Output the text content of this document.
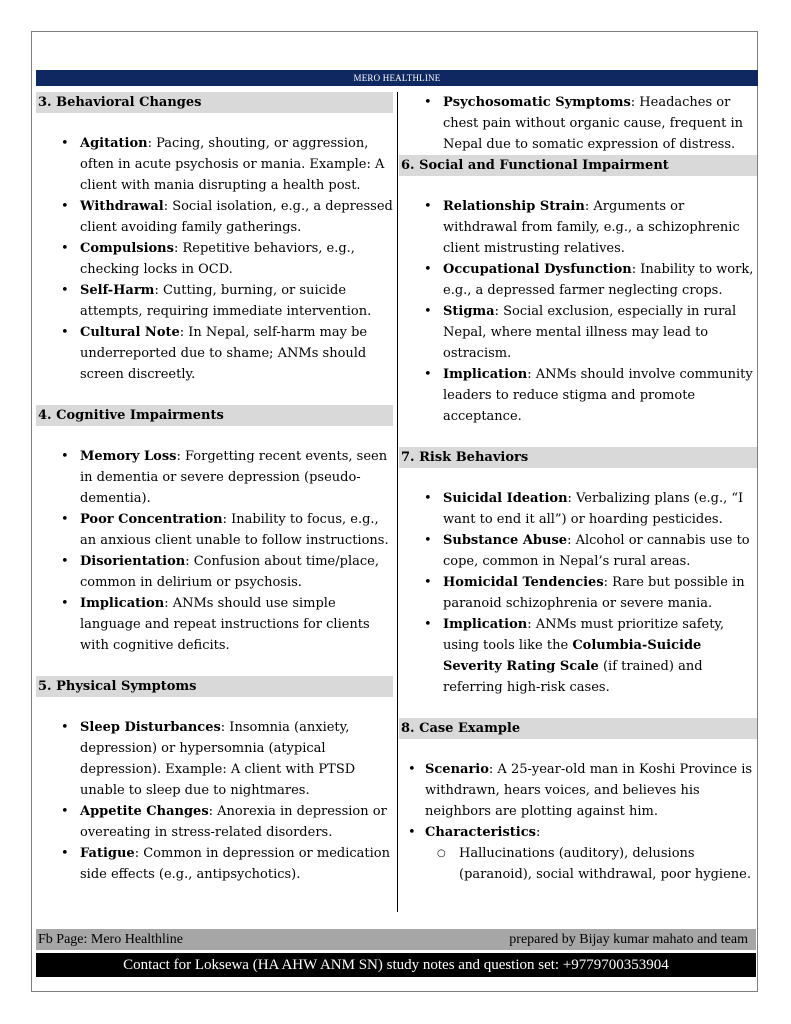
MERO HEALTHLINE
3. Behavioral Changes
• Agitation: Pacing, shouting, or aggression, often in acute psychosis or mania. Example: A client with mania disrupting a health post.
• Withdrawal: Social isolation, e.g., a depressed client avoiding family gatherings.
• Compulsions: Repetitive behaviors, e.g., checking locks in OCD.
• Self-Harm: Cutting, burning, or suicide attempts, requiring immediate intervention.
• Cultural Note: In Nepal, self-harm may be underreported due to shame; ANMs should screen discreetly.
4. Cognitive Impairments
• Memory Loss: Forgetting recent events, seen in dementia or severe depression (pseudo-dementia).
• Poor Concentration: Inability to focus, e.g., an anxious client unable to follow instructions.
• Disorientation: Confusion about time/place, common in delirium or psychosis.
• Implication: ANMs should use simple language and repeat instructions for clients with cognitive deficits.
5. Physical Symptoms
• Sleep Disturbances: Insomnia (anxiety, depression) or hypersomnia (atypical depression). Example: A client with PTSD unable to sleep due to nightmares.
• Appetite Changes: Anorexia in depression or overeating in stress-related disorders.
• Fatigue: Common in depression or medication side effects (e.g., antipsychotics).
• Psychosomatic Symptoms: Headaches or chest pain without organic cause, frequent in Nepal due to somatic expression of distress.
6. Social and Functional Impairment
• Relationship Strain: Arguments or withdrawal from family, e.g., a schizophrenic client mistrusting relatives.
• Occupational Dysfunction: Inability to work, e.g., a depressed farmer neglecting crops.
• Stigma: Social exclusion, especially in rural Nepal, where mental illness may lead to ostracism.
• Implication: ANMs should involve community leaders to reduce stigma and promote acceptance.
7. Risk Behaviors
• Suicidal Ideation: Verbalizing plans (e.g., “I want to end it all”) or hoarding pesticides.
• Substance Abuse: Alcohol or cannabis use to cope, common in Nepal’s rural areas.
• Homicidal Tendencies: Rare but possible in paranoid schizophrenia or severe mania.
• Implication: ANMs must prioritize safety, using tools like the Columbia-Suicide Severity Rating Scale (if trained) and referring high-risk cases.
8. Case Example
• Scenario: A 25-year-old man in Koshi Province is withdrawn, hears voices, and believes his neighbors are plotting against him.
• Characteristics:
○ Hallucinations (auditory), delusions (paranoid), social withdrawal, poor hygiene.
Fb Page: Mero Healthline	prepared by Bijay kumar mahato and team
Contact for Loksewa (HA AHW ANM SN) study notes and question set: +9779700353904
